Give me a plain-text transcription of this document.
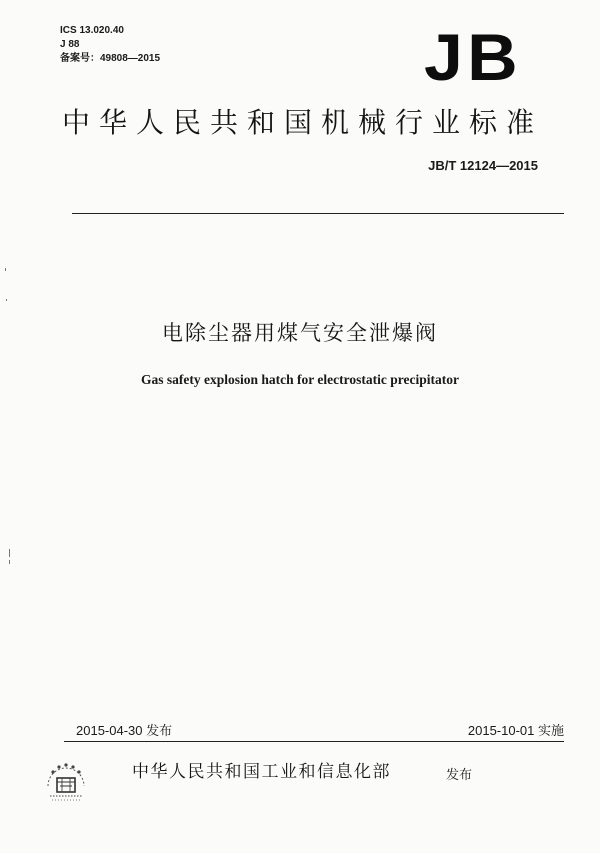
ICS 13.020.40
J 88
备案号：49808—2015	JB
中华人民共和国机械行业标准
JB/T 12124—2015
电除尘器用煤气安全泄爆阀
Gas safety explosion hatch for electrostatic precipitator
2015-04-30 发布	2015-10-01 实施
中华人民共和国工业和信息化部	发布
